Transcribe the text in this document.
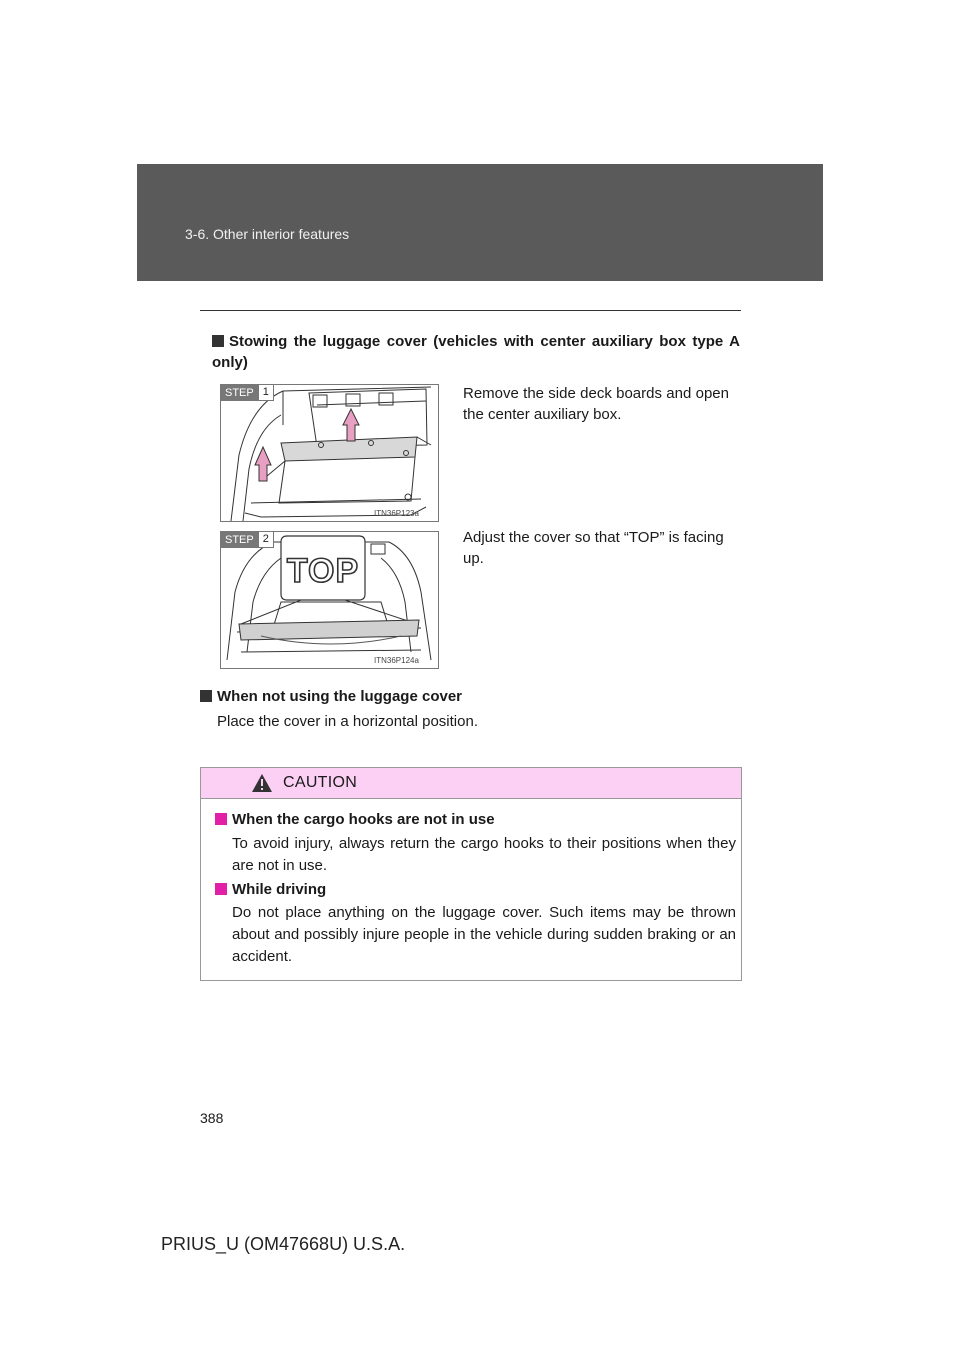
3-6. Other interior features
Stowing the luggage cover (vehicles with center auxiliary box type A only)
STEP 1
ITN36P123a
Remove the side deck boards and open the center auxiliary box.
STEP 2
TOP
ITN36P124a
Adjust the cover so that “TOP” is facing up.
When not using the luggage cover
Place the cover in a horizontal position.
CAUTION
When the cargo hooks are not in use
To avoid injury, always return the cargo hooks to their positions when they are not in use.
While driving
Do not place anything on the luggage cover. Such items may be thrown about and possibly injure people in the vehicle during sudden braking or an accident.
388
PRIUS_U (OM47668U) U.S.A.
